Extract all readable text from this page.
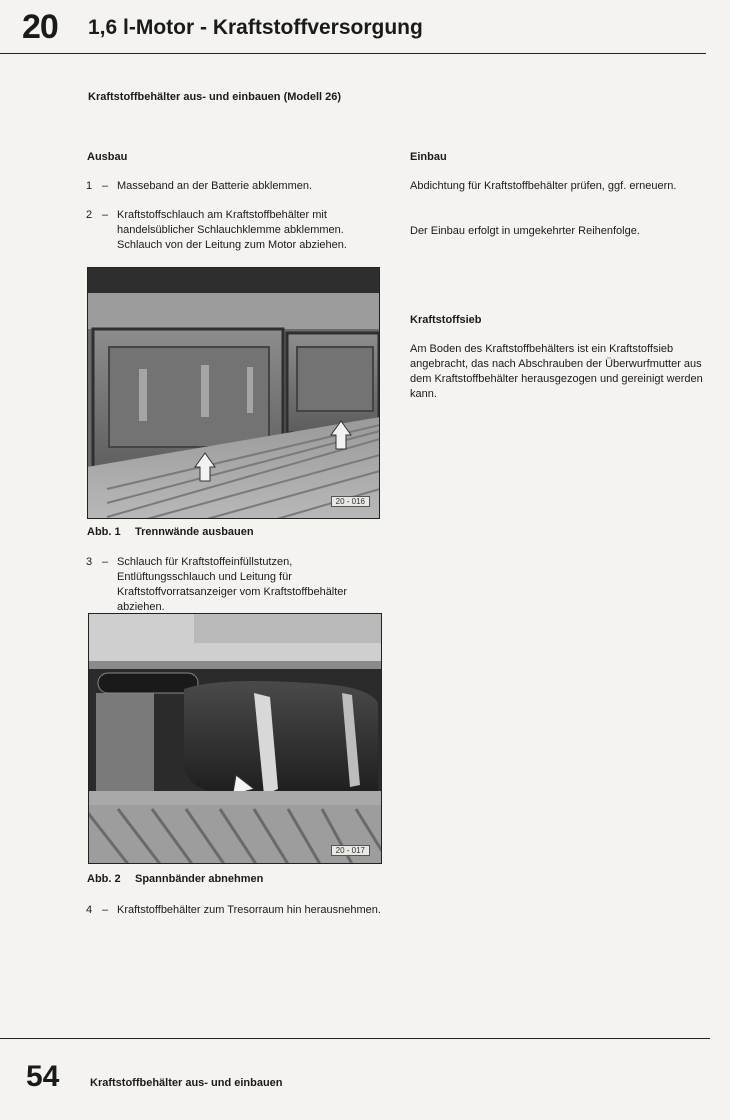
20 1,6 l-Motor - Kraftstoffversorgung
Kraftstoffbehälter aus- und einbauen (Modell 26)
Ausbau
1 – Masseband an der Batterie abklemmen.
2 – Kraftstoffschlauch am Kraftstoffbehälter mit handelsüblicher Schlauchklemme abklemmen. Schlauch von der Leitung zum Motor abziehen.
20 - 016
Abb. 1 Trennwände ausbauen
3 – Schlauch für Kraftstoffeinfüllstutzen, Entlüftungsschlauch und Leitung für Kraftstoffvorratsanzeiger vom Kraftstoffbehälter abziehen.
20 - 017
Abb. 2 Spannbänder abnehmen
4 – Kraftstoffbehälter zum Tresorraum hin herausnehmen.
Einbau
Abdichtung für Kraftstoffbehälter prüfen, ggf. erneuern.
Der Einbau erfolgt in umgekehrter Reihenfolge.
Kraftstoffsieb
Am Boden des Kraftstoffbehälters ist ein Kraftstoffsieb angebracht, das nach Abschrauben der Überwurfmutter aus dem Kraftstoffbehälter herausgezogen und gereinigt werden kann.
54	Kraftstoffbehälter aus- und einbauen
